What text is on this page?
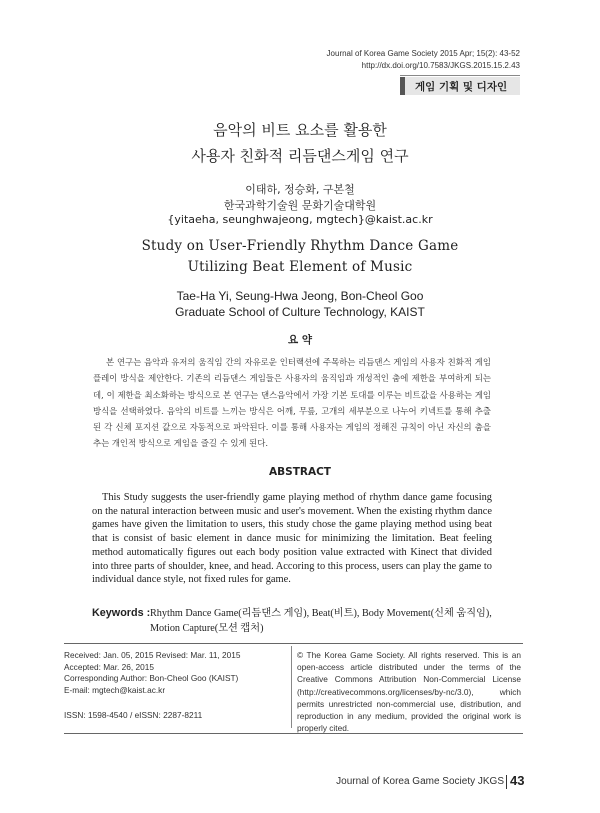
Journal of Korea Game Society 2015 Apr; 15(2): 43-52
http://dx.doi.org/10.7583/JKGS.2015.15.2.43
게임 기획 및 디자인
음악의 비트 요소를 활용한
사용자 친화적 리듬댄스게임 연구
이태하, 정승화, 구본철
한국과학기술원 문화기술대학원
{yitaeha, seunghwajeong, mgtech}@kaist.ac.kr
Study on User-Friendly Rhythm Dance Game
Utilizing Beat Element of Music
Tae-Ha Yi, Seung-Hwa Jeong, Bon-Cheol Goo
Graduate School of Culture Technology, KAIST
요 약

본 연구는 음악과 유저의 움직임 간의 자유로운 인터랙션에 주목하는 리듬댄스 게임의 사용자 친화적 게임 플레이 방식을 제안한다. 기존의 리듬댄스 게임들은 사용자의 움직임과 개성적인 춤에 제한을 부여하게 되는데, 이 제한을 최소화하는 방식으로 본 연구는 댄스음악에서 가장 기본 토대를 이루는 비트값을 사용하는 게임 방식을 선택하였다. 음악의 비트를 느끼는 방식은 어깨, 무릎, 고개의 세부분으로 나누어 키넥트를 통해 추출된 각 신체 포지션 값으로 자동적으로 파악된다. 이를 통해 사용자는 게임의 정해진 규칙이 아닌 자신의 춤을 추는 개인적 방식으로 게임을 즐길 수 있게 된다.

ABSTRACT

This Study suggests the user-friendly game playing method of rhythm dance game focusing on the natural interaction between music and user's movement. When the existing rhythm dance games have given the limitation to users, this study chose the game playing method using beat that is consist of basic element in dance music for minimizing the limitation. Beat feeling method automatically figures out each body position value extracted with Kinect that divided into three parts of shoulder, knee, and head. Accoring to this process, users can play the game to individual dance style, not fixed rules for game.

Keywords : Rhythm Dance Game(리듬댄스 게임), Beat(비트), Body Movement(신체 움직임), Motion Capture(모션 캡처)
Received: Jan. 05, 2015 Revised: Mar. 11, 2015
Accepted: Mar. 26, 2015
Corresponding Author: Bon-Cheol Goo (KAIST)
E-mail: mgtech@kaist.ac.kr
ISSN: 1598-4540 / eISSN: 2287-8211
© The Korea Game Society. All rights reserved. This is an open-access article distributed under the terms of the Creative Commons Attribution Non-Commercial License (http://creativecommons.org/licenses/by-nc/3.0), which permits unrestricted non-commercial use, distribution, and reproduction in any medium, provided the original work is properly cited.
Journal of Korea Game Society JKGS 43
